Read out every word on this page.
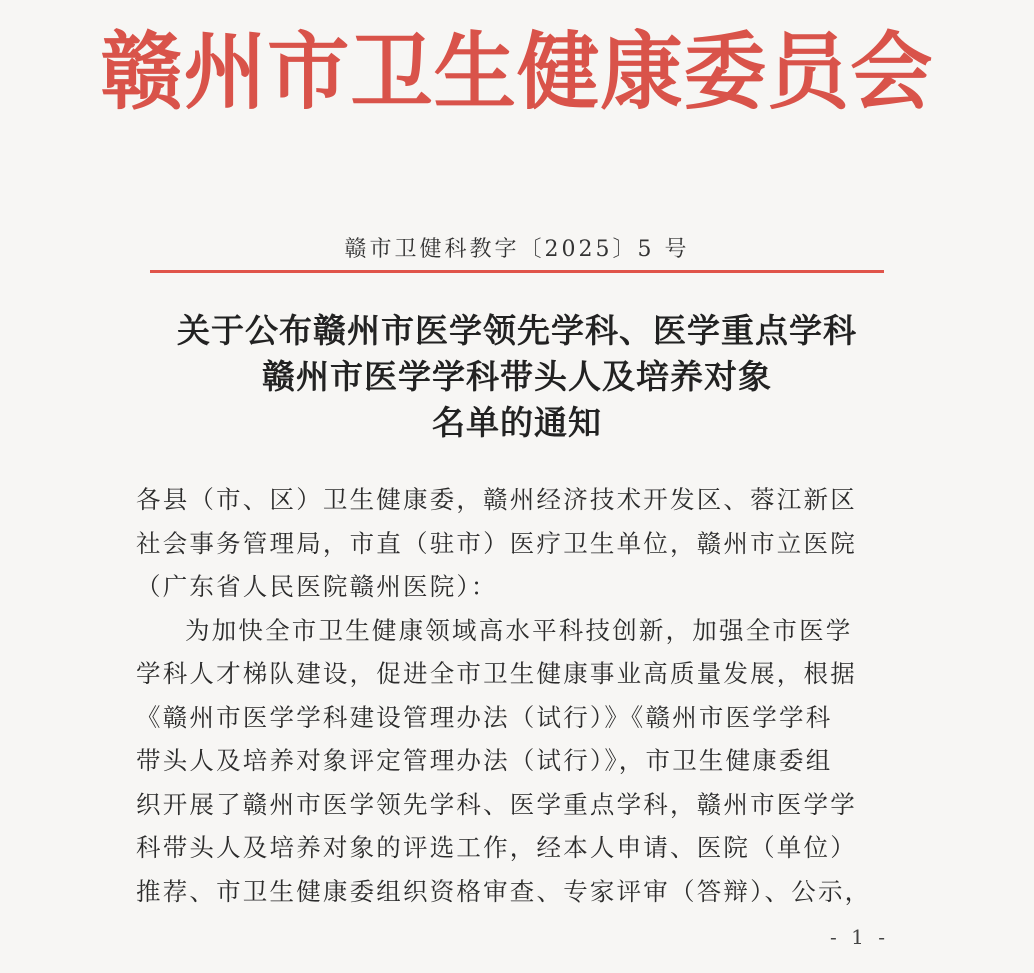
赣州市卫生健康委员会
赣市卫健科教字〔2025〕5 号
关于公布赣州市医学领先学科、医学重点学科
赣州市医学学科带头人及培养对象
名单的通知

各县（市、区）卫生健康委，赣州经济技术开发区、蓉江新区

社会事务管理局，市直（驻市）医疗卫生单位，赣州市立医院

（广东省人民医院赣州医院）：

为加快全市卫生健康领域高水平科技创新，加强全市医学

学科人才梯队建设，促进全市卫生健康事业高质量发展，根据

《赣州市医学学科建设管理办法（试行）》《赣州市医学学科

带头人及培养对象评定管理办法（试行）》，市卫生健康委组

织开展了赣州市医学领先学科、医学重点学科，赣州市医学学

科带头人及培养对象的评选工作，经本人申请、医院（单位）

推荐、市卫生健康委组织资格审查、专家评审（答辩）、公示，

- 1 -
